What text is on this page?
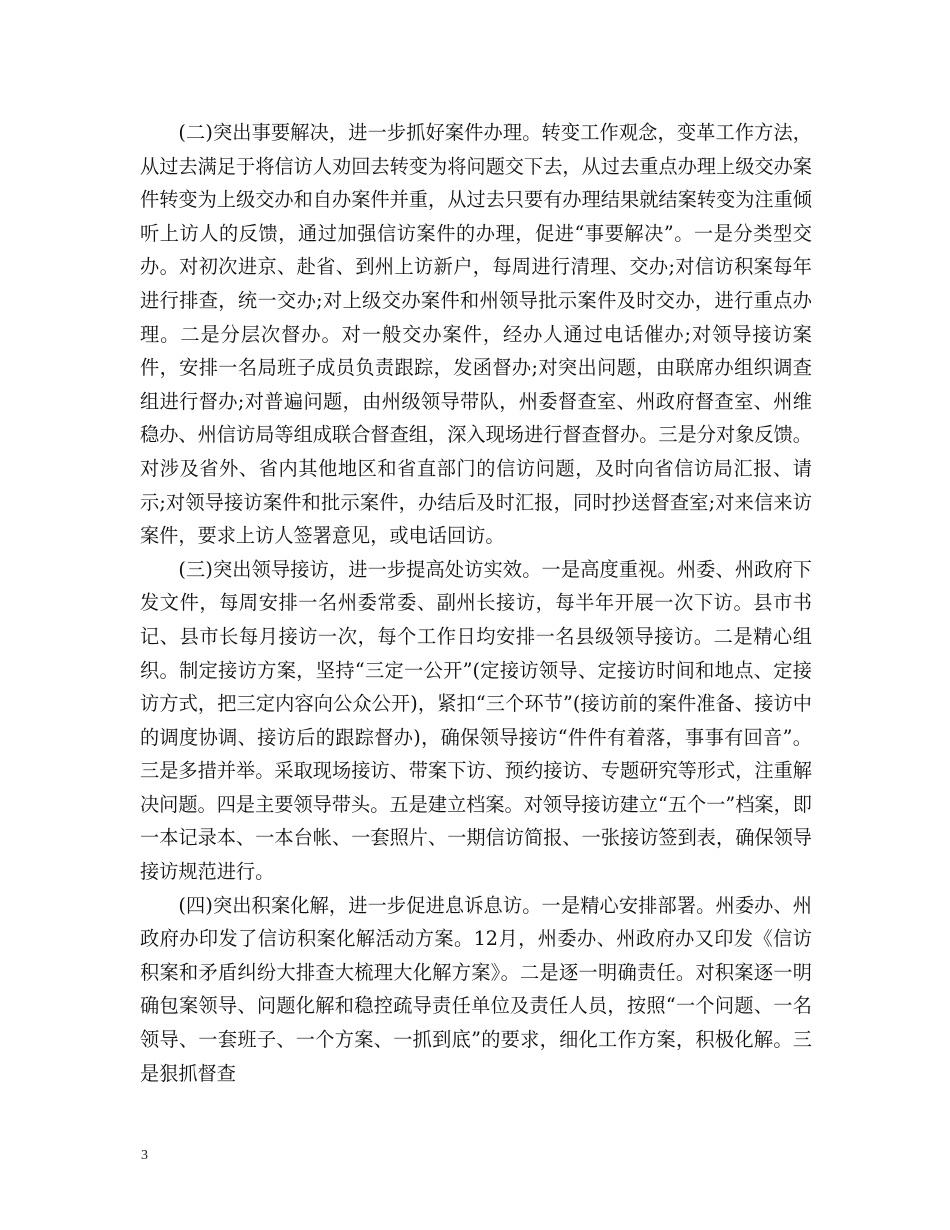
(二)突出事要解决，进一步抓好案件办理。转变工作观念，变革工作方法，从过去满足于将信访人劝回去转变为将问题交下去，从过去重点办理上级交办案件转变为上级交办和自办案件并重，从过去只要有办理结果就结案转变为注重倾听上访人的反馈，通过加强信访案件的办理，促进“事要解决”。一是分类型交办。对初次进京、赴省、到州上访新户，每周进行清理、交办;对信访积案每年进行排查，统一交办;对上级交办案件和州领导批示案件及时交办，进行重点办理。二是分层次督办。对一般交办案件，经办人通过电话催办;对领导接访案件，安排一名局班子成员负责跟踪，发函督办;对突出问题，由联席办组织调查组进行督办;对普遍问题，由州级领导带队，州委督查室、州政府督查室、州维稳办、州信访局等组成联合督查组，深入现场进行督查督办。三是分对象反馈。对涉及省外、省内其他地区和省直部门的信访问题，及时向省信访局汇报、请示;对领导接访案件和批示案件，办结后及时汇报，同时抄送督查室;对来信来访案件，要求上访人签署意见，或电话回访。

(三)突出领导接访，进一步提高处访实效。一是高度重视。州委、州政府下发文件，每周安排一名州委常委、副州长接访，每半年开展一次下访。县市书记、县市长每月接访一次，每个工作日均安排一名县级领导接访。二是精心组织。制定接访方案，坚持“三定一公开”(定接访领导、定接访时间和地点、定接访方式，把三定内容向公众公开)，紧扣“三个环节”(接访前的案件准备、接访中的调度协调、接访后的跟踪督办)，确保领导接访“件件有着落，事事有回音”。三是多措并举。采取现场接访、带案下访、预约接访、专题研究等形式，注重解决问题。四是主要领导带头。五是建立档案。对领导接访建立“五个一”档案，即一本记录本、一本台帐、一套照片、一期信访简报、一张接访签到表，确保领导接访规范进行。

(四)突出积案化解，进一步促进息诉息访。一是精心安排部署。州委办、州政府办印发了信访积案化解活动方案。12月，州委办、州政府办又印发《信访积案和矛盾纠纷大排查大梳理大化解方案》。二是逐一明确责任。对积案逐一明确包案领导、问题化解和稳控疏导责任单位及责任人员，按照“一个问题、一名领导、一套班子、一个方案、一抓到底”的要求，细化工作方案，积极化解。三是狠抓督查

3
